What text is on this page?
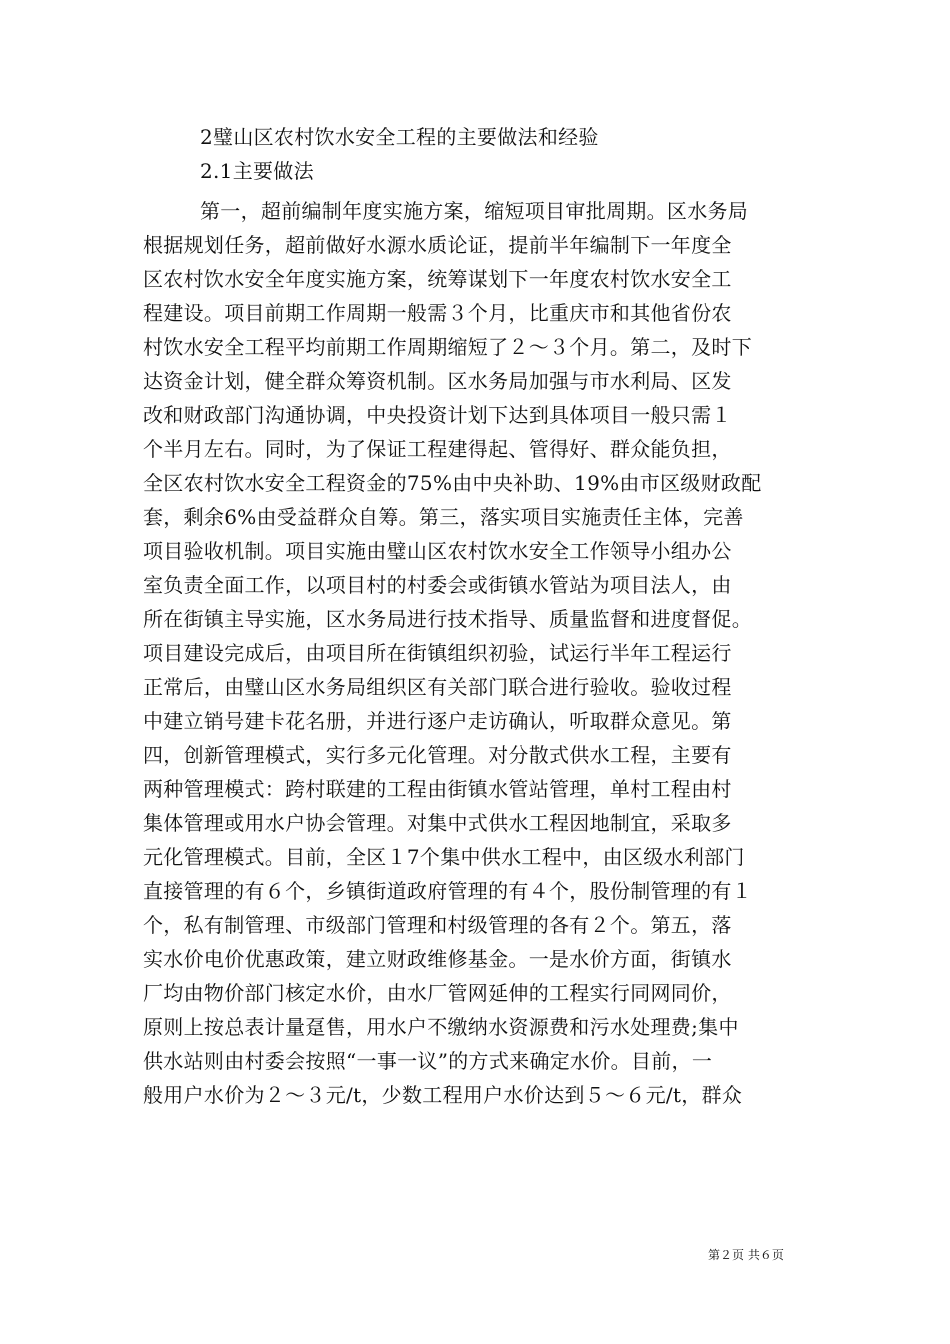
2璧山区农村饮水安全工程的主要做法和经验
2.1主要做法
第一，超前编制年度实施方案，缩短项目审批周期。区水务局
根据规划任务，超前做好水源水质论证，提前半年编制下一年度全
区农村饮水安全年度实施方案，统筹谋划下一年度农村饮水安全工
程建设。项目前期工作周期一般需３个月，比重庆市和其他省份农
村饮水安全工程平均前期工作周期缩短了２～３个月。第二，及时下
达资金计划，健全群众筹资机制。区水务局加强与市水利局、区发
改和财政部门沟通协调，中央投资计划下达到具体项目一般只需１
个半月左右。同时，为了保证工程建得起、管得好、群众能负担，
全区农村饮水安全工程资金的75%由中央补助、19%由市区级财政配
套，剩余6%由受益群众自筹。第三，落实项目实施责任主体，完善
项目验收机制。项目实施由璧山区农村饮水安全工作领导小组办公
室负责全面工作，以项目村的村委会或街镇水管站为项目法人，由
所在街镇主导实施，区水务局进行技术指导、质量监督和进度督促。
项目建设完成后，由项目所在街镇组织初验，试运行半年工程运行
正常后，由璧山区水务局组织区有关部门联合进行验收。验收过程
中建立销号建卡花名册，并进行逐户走访确认，听取群众意见。第
四，创新管理模式，实行多元化管理。对分散式供水工程，主要有
两种管理模式：跨村联建的工程由街镇水管站管理，单村工程由村
集体管理或用水户协会管理。对集中式供水工程因地制宜，采取多
元化管理模式。目前，全区１7个集中供水工程中，由区级水利部门
直接管理的有６个，乡镇街道政府管理的有４个，股份制管理的有１
个，私有制管理、市级部门管理和村级管理的各有２个。第五，落
实水价电价优惠政策，建立财政维修基金。一是水价方面，街镇水
厂均由物价部门核定水价，由水厂管网延伸的工程实行同网同价，
原则上按总表计量趸售，用水户不缴纳水资源费和污水处理费;集中
供水站则由村委会按照“一事一议”的方式来确定水价。目前，一
般用户水价为２～３元/t，少数工程用户水价达到５～６元/t，群众
第２页 共６页
